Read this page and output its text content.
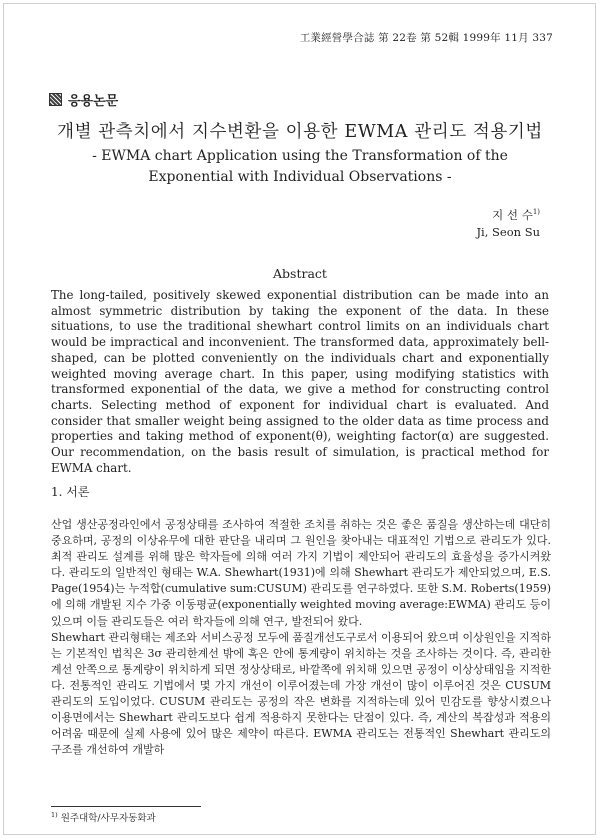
工業經營學合誌 第 22卷 第 52輯 1999年 11月 337
응용논문
개별 관측치에서 지수변환을 이용한 EWMA 관리도 적용기법
- EWMA chart Application using the Transformation of the
Exponential with Individual Observations -
지 선 수$^{1)}$
Ji, Seon Su
Abstract
The long-tailed, positively skewed exponential distribution can be made into an almost symmetric distribution by taking the exponent of the data. In these situations, to use the traditional shewhart control limits on an individuals chart would be impractical and inconvenient. The transformed data, approximately bell-shaped, can be plotted conveniently on the individuals chart and exponentially weighted moving average chart. In this paper, using modifying statistics with transformed exponential of the data, we give a method for constructing control charts. Selecting method of exponent for individual chart is evaluated. And consider that smaller weight being assigned to the older data as time process and properties and taking method of exponent(θ), weighting factor(α) are suggested. Our recommendation, on the basis result of simulation, is practical method for EWMA chart.
1. 서론

산업 생산공정라인에서 공정상태를 조사하여 적절한 조치를 취하는 것은 좋은 품질을 생산하는데 대단히 중요하며, 공정의 이상유무에 대한 판단을 내리며 그 원인을 찾아내는 대표적인 기법으로 관리도가 있다. 최적 관리도 설계를 위해 많은 학자들에 의해 여러 가지 기법이 제안되어 관리도의 효율성을 증가시켜왔다. 관리도의 일반적인 형태는 W.A. Shewhart(1931)에 의해 Shewhart 관리도가 제안되었으며, E.S. Page(1954)는 누적합(cumulative sum:CUSUM) 관리도를 연구하였다. 또한 S.M. Roberts(1959)에 의해 개발된 지수 가중 이동평균(exponentially weighted moving average:EWMA) 관리도 등이 있으며 이들 관리도들은 여러 학자들에 의해 연구, 발전되어 왔다.

Shewhart 관리형태는 제조와 서비스공정 모두에 품질개선도구로서 이용되어 왔으며 이상원인을 지적하는 기본적인 법칙은 3σ 관리한계선 밖에 혹은 안에 통계량이 위치하는 것을 조사하는 것이다. 즉, 관리한계선 안쪽으로 통계량이 위치하게 되면 정상상태로, 바깥쪽에 위치해 있으면 공정이 이상상태임을 지적한다. 전통적인 관리도 기법에서 몇 가지 개선이 이루어졌는데 가장 개선이 많이 이루어진 것은 CUSUM 관리도의 도입이었다. CUSUM 관리도는 공정의 작은 변화를 지적하는데 있어 민감도를 향상시켰으나 이용면에서는 Shewhart 관리도보다 쉽게 적용하지 못한다는 단점이 있다. 즉, 계산의 복잡성과 적용의 어려움 때문에 실제 사용에 있어 많은 제약이 따른다. EWMA 관리도는 전통적인 Shewhart 관리도의 구조를 개선하여 개발하

$^{1)}$ 원주대학/사무자동화과
